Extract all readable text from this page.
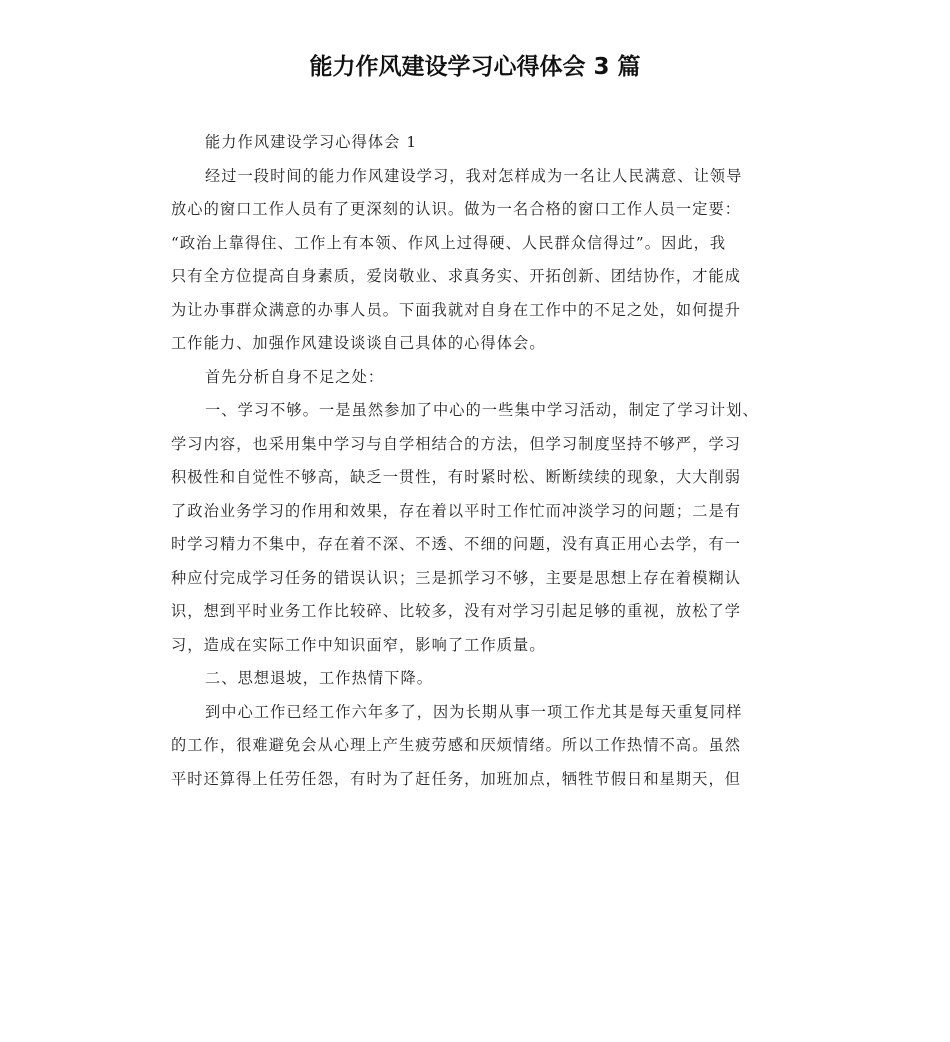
能力作风建设学习心得体会 3 篇
能力作风建设学习心得体会 1
经过一段时间的能力作风建设学习，我对怎样成为一名让人民满意、让领导
放心的窗口工作人员有了更深刻的认识。做为一名合格的窗口工作人员一定要：
“政治上靠得住、工作上有本领、作风上过得硬、人民群众信得过”。因此，我
只有全方位提高自身素质，爱岗敬业、求真务实、开拓创新、团结协作，才能成
为让办事群众满意的办事人员。下面我就对自身在工作中的不足之处，如何提升
工作能力、加强作风建设谈谈自己具体的心得体会。
首先分析自身不足之处：
一、学习不够。一是虽然参加了中心的一些集中学习活动，制定了学习计划、
学习内容，也采用集中学习与自学相结合的方法，但学习制度坚持不够严，学习
积极性和自觉性不够高，缺乏一贯性，有时紧时松、断断续续的现象，大大削弱
了政治业务学习的作用和效果，存在着以平时工作忙而冲淡学习的问题；二是有
时学习精力不集中，存在着不深、不透、不细的问题，没有真正用心去学，有一
种应付完成学习任务的错误认识；三是抓学习不够，主要是思想上存在着模糊认
识，想到平时业务工作比较碎、比较多，没有对学习引起足够的重视，放松了学
习，造成在实际工作中知识面窄，影响了工作质量。
二、思想退坡，工作热情下降。
到中心工作已经工作六年多了，因为长期从事一项工作尤其是每天重复同样
的工作，很难避免会从心理上产生疲劳感和厌烦情绪。所以工作热情不高。虽然
平时还算得上任劳任怨，有时为了赶任务，加班加点，牺牲节假日和星期天，但
